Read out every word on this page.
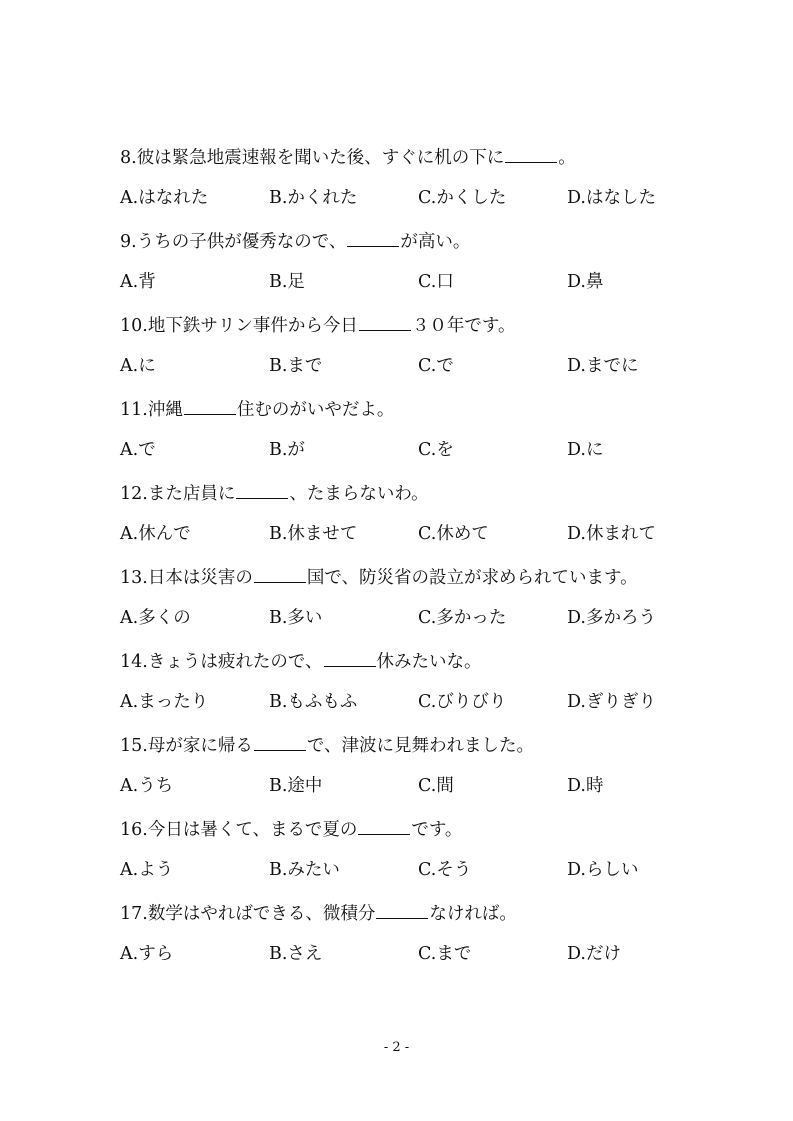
8.彼は緊急地震速報を聞いた後、すぐに机の下に	。
A.はなれた	B.かくれた	C.かくした	D.はなした
9.うちの子供が優秀なので、	が高い。
A.背	B.足	C.口	D.鼻
10.地下鉄サリン事件から今日	３０年です。
A.に	B.まで	C.で	D.までに
11.沖縄	住むのがいやだよ。
A.で	B.が	C.を	D.に
12.また店員に	、たまらないわ。
A.休んで	B.休ませて	C.休めて	D.休まれて
13.日本は災害の	国で、防災省の設立が求められています。
A.多くの	B.多い	C.多かった	D.多かろう
14.きょうは疲れたので、	休みたいな。
A.まったり	B.もふもふ	C.びりびり	D.ぎりぎり
15.母が家に帰る	で、津波に見舞われました。
A.うち	B.途中	C.間	D.時
16.今日は暑くて、まるで夏の	です。
A.よう	B.みたい	C.そう	D.らしい
17.数学はやればできる、微積分	なければ。
A.すら	B.さえ	C.まで	D.だけ
- 2 -
